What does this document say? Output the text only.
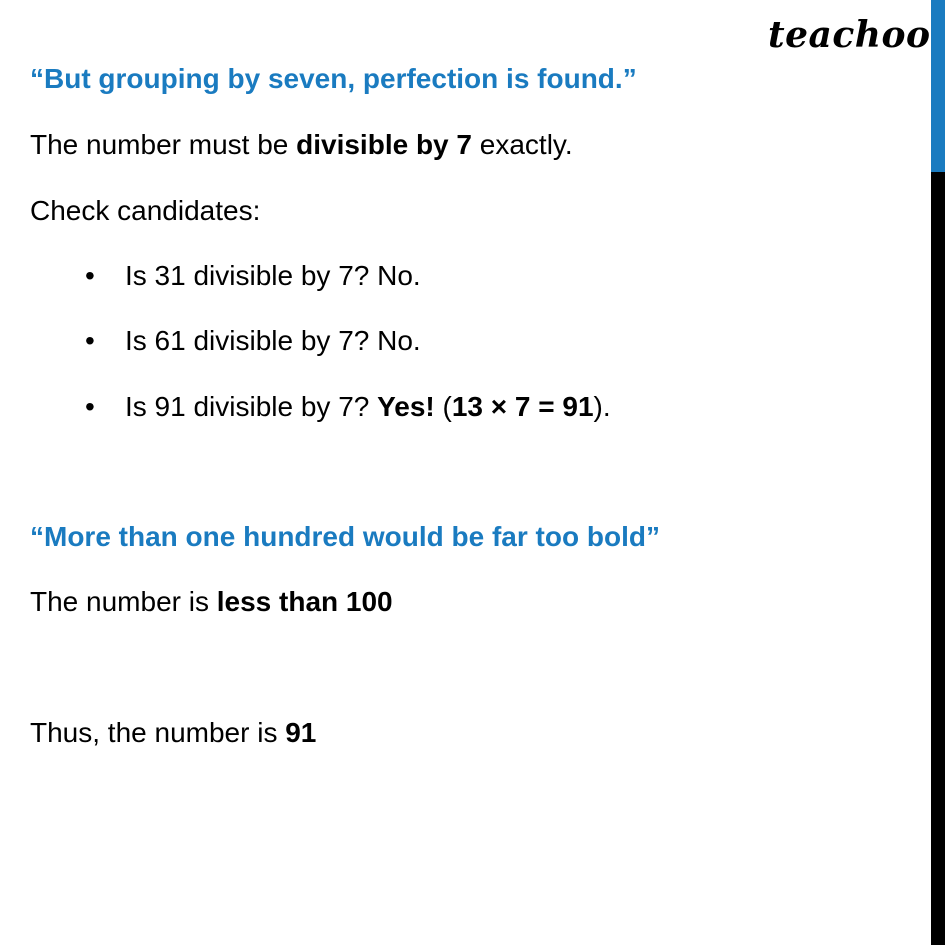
teachoo
“But grouping by seven, perfection is found.”
The number must be divisible by 7 exactly.
Check candidates:
• Is 31 divisible by 7? No.
• Is 61 divisible by 7? No.
• Is 91 divisible by 7? Yes! (13 × 7 = 91).
“More than one hundred would be far too bold”
The number is less than 100
Thus, the number is 91
